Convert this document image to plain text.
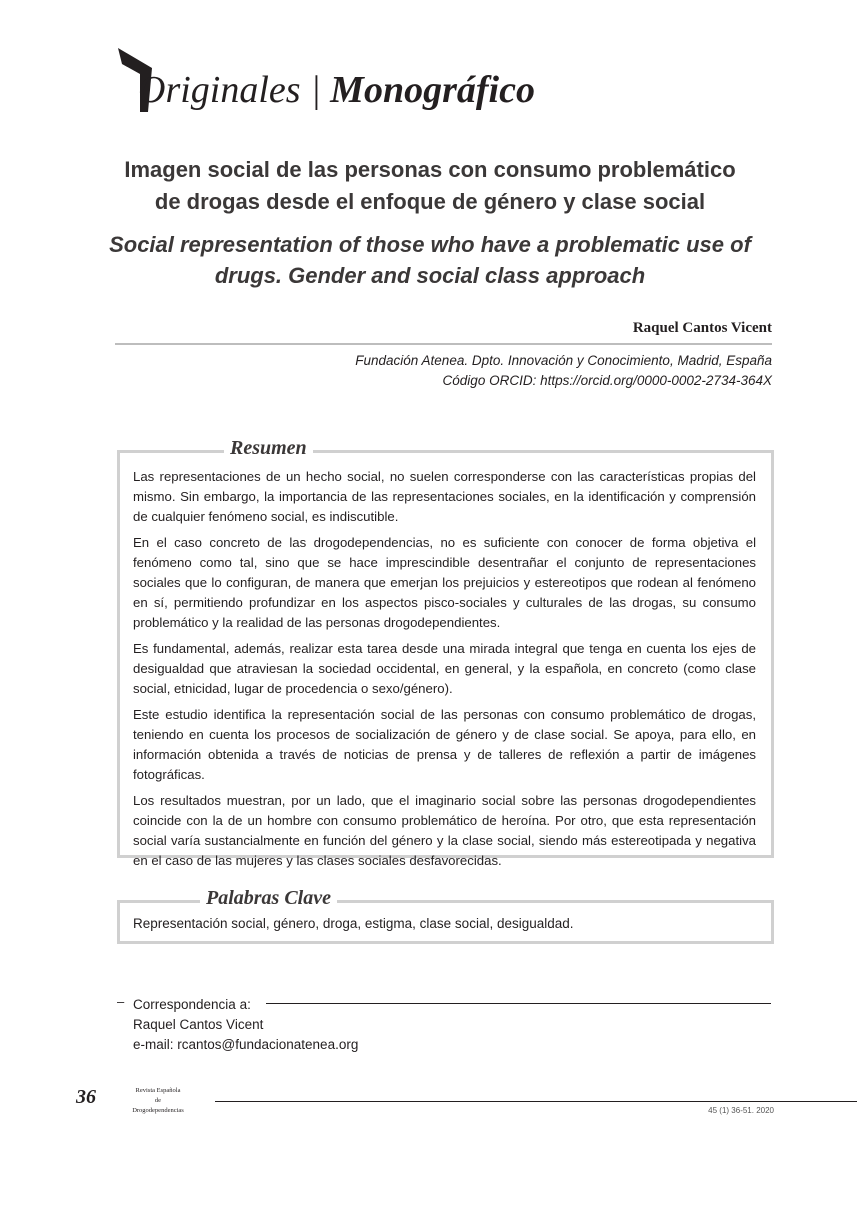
Originales | Monográfico
Imagen social de las personas con consumo problemático
de drogas desde el enfoque de género y clase social
Social representation of those who have a problematic use of
drugs. Gender and social class approach
Raquel Cantos Vicent
Fundación Atenea. Dpto. Innovación y Conocimiento, Madrid, España
Código ORCID: https://orcid.org/0000-0002-2734-364X
Resumen

Las representaciones de un hecho social, no suelen corresponderse con las características propias del mismo. Sin embargo, la importancia de las representaciones sociales, en la identificación y comprensión de cualquier fenómeno social, es indiscutible.

En el caso concreto de las drogodependencias, no es suficiente con conocer de forma objetiva el fenómeno como tal, sino que se hace imprescindible desentrañar el conjunto de representaciones sociales que lo configuran, de manera que emerjan los prejuicios y estereotipos que rodean al fenómeno en sí, permitiendo profundizar en los aspectos pisco-sociales y culturales de las drogas, su consumo problemático y la realidad de las personas drogodependientes.

Es fundamental, además, realizar esta tarea desde una mirada integral que tenga en cuenta los ejes de desigualdad que atraviesan la sociedad occidental, en general, y la española, en concreto (como clase social, etnicidad, lugar de procedencia o sexo/género).

Este estudio identifica la representación social de las personas con consumo problemático de drogas, teniendo en cuenta los procesos de socialización de género y de clase social. Se apoya, para ello, en información obtenida a través de noticias de prensa y de talleres de reflexión a partir de imágenes fotográficas.

Los resultados muestran, por un lado, que el imaginario social sobre las personas drogodependientes coincide con la de un hombre con consumo problemático de heroína. Por otro, que esta representación social varía sustancialmente en función del género y la clase social, siendo más estereotipada y negativa en el caso de las mujeres y las clases sociales desfavorecidas.

Palabras Clave
Representación social, género, droga, estigma, clase social, desigualdad.
– Correspondencia a:
Raquel Cantos Vicent
e-mail: rcantos@fundacionatenea.org
36	Revista Española
de
Drogodependencias	45 (1) 36-51. 2020
